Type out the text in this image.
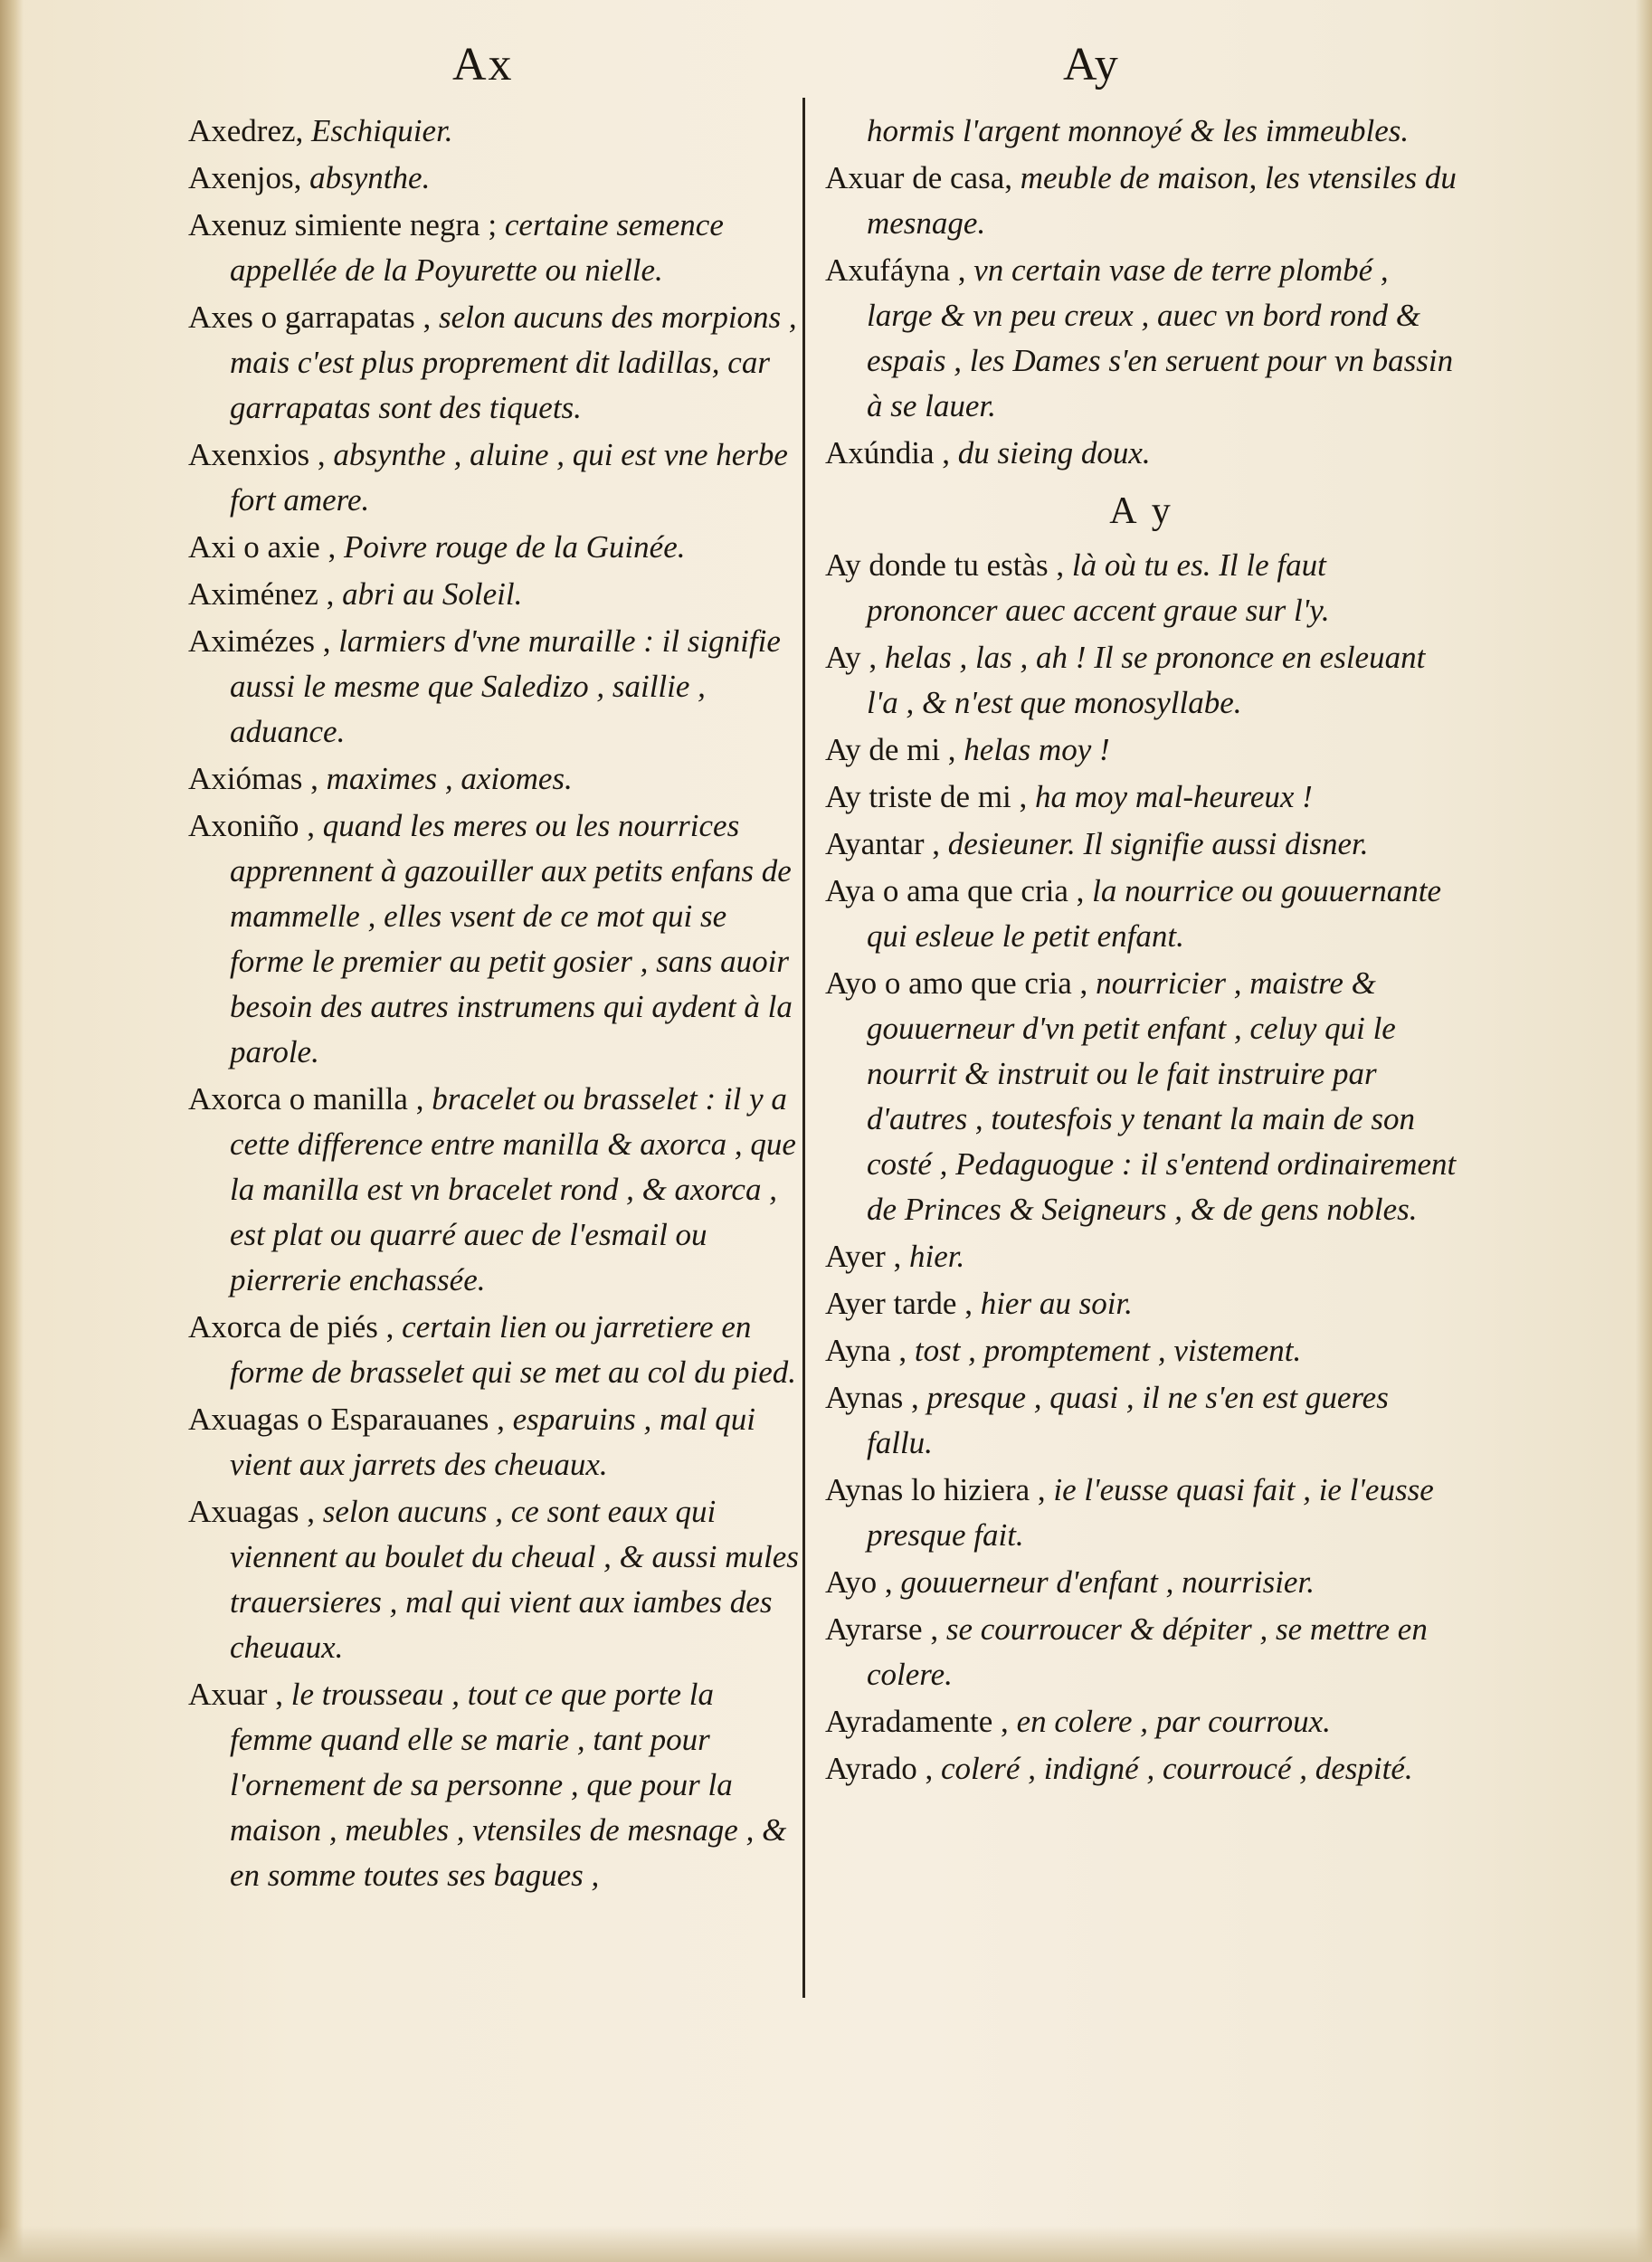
Ax	Ay
Axedrez, Eschiquier.
Axenjos, absynthe.
Axenuz simiente negra ; certaine semence appellée de la Poyurette ou nielle.
Axes o garrapatas , selon aucuns des morpions , mais c'est plus proprement dit ladillas, car garrapatas sont des tiquets.
Axenxios , absynthe , aluine , qui est vne herbe fort amere.
Axi o axie , Poivre rouge de la Guinée.
Aximénez , abri au Soleil.
Aximézes , larmiers d'vne muraille : il signifie aussi le mesme que Saledizo , saillie , aduance.
Axiómas , maximes , axiomes.
Axoniño , quand les meres ou les nourrices apprennent à gazouiller aux petits enfans de mammelle , elles vsent de ce mot qui se forme le premier au petit gosier , sans auoir besoin des autres instrumens qui aydent à la parole.
Axorca o manilla , bracelet ou brasselet : il y a cette difference entre manilla & axorca , que la manilla est vn bracelet rond , & axorca , est plat ou quarré auec de l'esmail ou pierrerie enchassée.
Axorca de piés , certain lien ou jarretiere en forme de brasselet qui se met au col du pied.
Axuagas o Esparauanes , esparuins , mal qui vient aux jarrets des cheuaux.
Axuagas , selon aucuns , ce sont eaux qui viennent au boulet du cheual , & aussi mules trauersieres , mal qui vient aux iambes des cheuaux.
Axuar , le trousseau , tout ce que porte la femme quand elle se marie , tant pour l'ornement de sa personne , que pour la maison , meubles , vtensiles de mesnage , & en somme toutes ses bagues ,
hormis l'argent monnoyé & les immeubles.
Axuar de casa, meuble de maison, les vtensiles du mesnage.
Axufáyna , vn certain vase de terre plombé , large & vn peu creux , auec vn bord rond & espais , les Dames s'en seruent pour vn bassin à se lauer.
Axúndia , du sieing doux.
A y
Ay donde tu estàs , là où tu es. Il le faut prononcer auec accent graue sur l'y.
Ay , helas , las , ah ! Il se prononce en esleuant l'a , & n'est que monosyllabe.
Ay de mi , helas moy !
Ay triste de mi , ha moy mal-heureux !
Ayantar , desieuner. Il signifie aussi disner.
Aya o ama que cria , la nourrice ou gouuernante qui esleue le petit enfant.
Ayo o amo que cria , nourricier , maistre & gouuerneur d'vn petit enfant , celuy qui le nourrit & instruit ou le fait instruire par d'autres , toutesfois y tenant la main de son costé , Pedaguogue : il s'entend ordinairement de Princes & Seigneurs , & de gens nobles.
Ayer , hier.
Ayer tarde , hier au soir.
Ayna , tost , promptement , vistement.
Aynas , presque , quasi , il ne s'en est gueres fallu.
Aynas lo hiziera , ie l'eusse quasi fait , ie l'eusse presque fait.
Ayo , gouuerneur d'enfant , nourrisier.
Ayrarse , se courroucer & dépiter , se mettre en colere.
Ayradamente , en colere , par courroux.
Ayrado , coleré , indigné , courroucé , despité.
